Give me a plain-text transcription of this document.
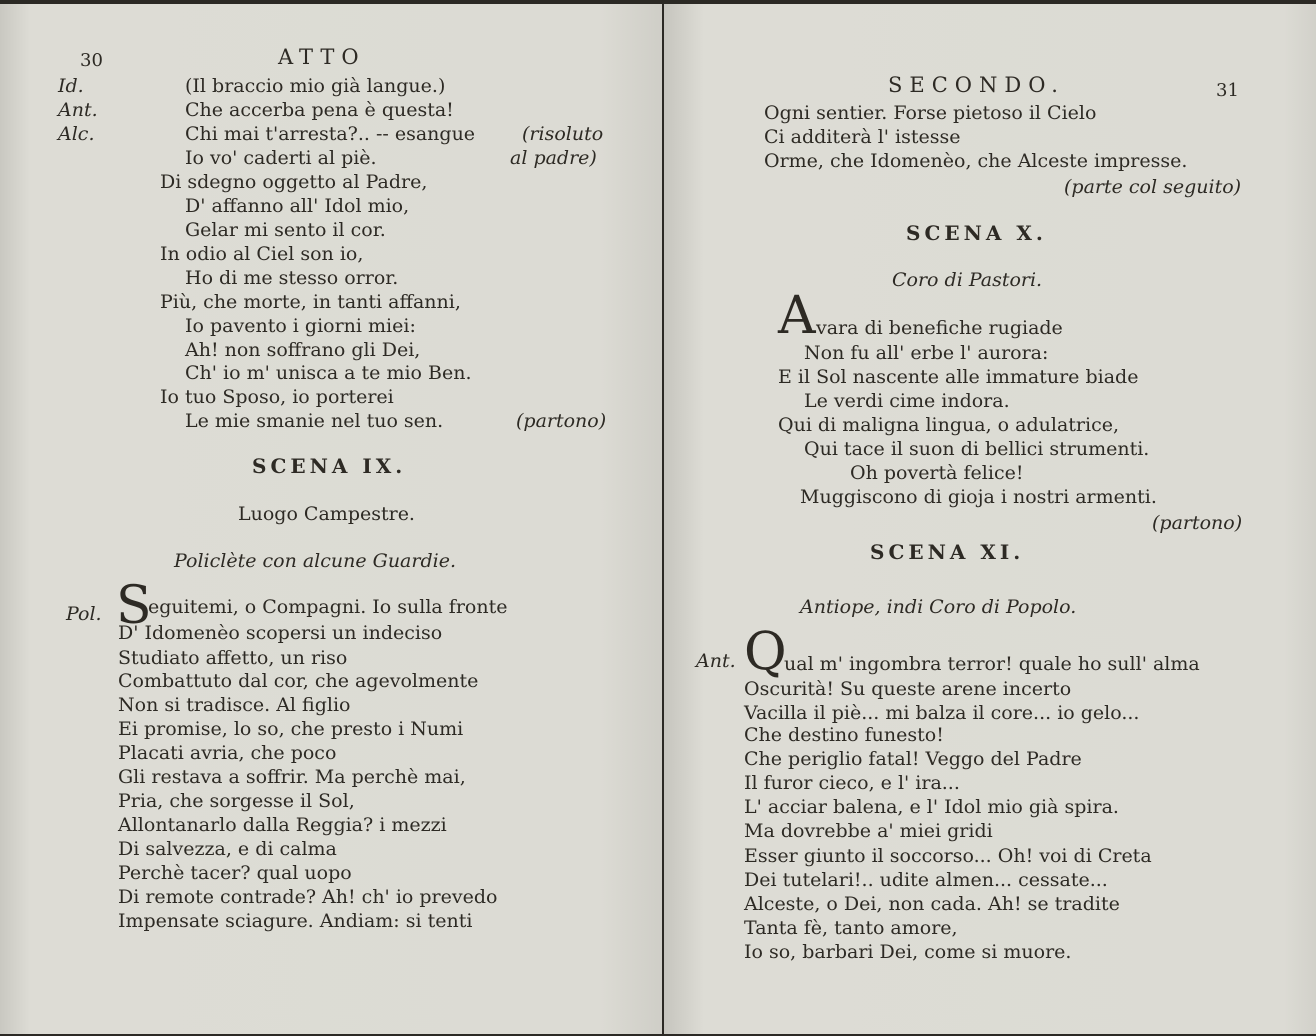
30	ATTO
Id.	(Il braccio mio già langue.)
Ant.	Che accerba pena è questa!
Alc.	Chi mai t'arresta?.. -- esangue (risoluto
Io vo' caderti al piè.	al padre)
Di sdegno oggetto al Padre,
D' affanno all' Idol mio,
Gelar mi sento il cor.
In odio al Ciel son io,
Ho di me stesso orror.
Più, che morte, in tanti affanni,
Io pavento i giorni miei:
Ah! non soffrano gli Dei,
Ch' io m' unisca a te mio Ben.
Io tuo Sposo, io porterei
Le mie smanie nel tuo sen.	(partono)
SCENA IX.
Luogo Campestre.
Policlète con alcune Guardie.
Pol. S
eguitemi, o Compagni. Io sulla fronte
D' Idomenèo scopersi un indeciso
Studiato affetto, un riso
Combattuto dal cor, che agevolmente
Non si tradisce. Al figlio
Ei promise, lo so, che presto i Numi
Placati avria, che poco
Gli restava a soffrir. Ma perchè mai,
Pria, che sorgesse il Sol,
Allontanarlo dalla Reggia? i mezzi
Di salvezza, e di calma
Perchè tacer? qual uopo
Di remote contrade? Ah! ch' io prevedo
Impensate sciagure. Andiam: si tenti
SECONDO.	31
Ogni sentier. Forse pietoso il Cielo
Ci additerà l' istesse
Orme, che Idomenèo, che Alceste impresse.
(parte col seguito)
SCENA X.
Coro di Pastori.
A vara di benefiche rugiade
Non fu all' erbe l' aurora:
E il Sol nascente alle immature biade
Le verdi cime indora.
Qui di maligna lingua, o adulatrice,
Qui tace il suon di bellici strumenti.
Oh povertà felice!
Muggiscono di gioja i nostri armenti.
(partono)
SCENA XI.
Antiope, indi Coro di Popolo.
Ant. Q
ual m' ingombra terror! quale ho sull' alma
Oscurità! Su queste arene incerto
Vacilla il piè... mi balza il core... io gelo...
Che destino funesto!
Che periglio fatal! Veggo del Padre
Il furor cieco, e l' ira...
L' acciar balena, e l' Idol mio già spira.
Ma dovrebbe a' miei gridi
Esser giunto il soccorso... Oh! voi di Creta
Dei tutelari!.. udite almen... cessate...
Alceste, o Dei, non cada. Ah! se tradite
Tanta fè, tanto amore,
Io so, barbari Dei, come si muore.
